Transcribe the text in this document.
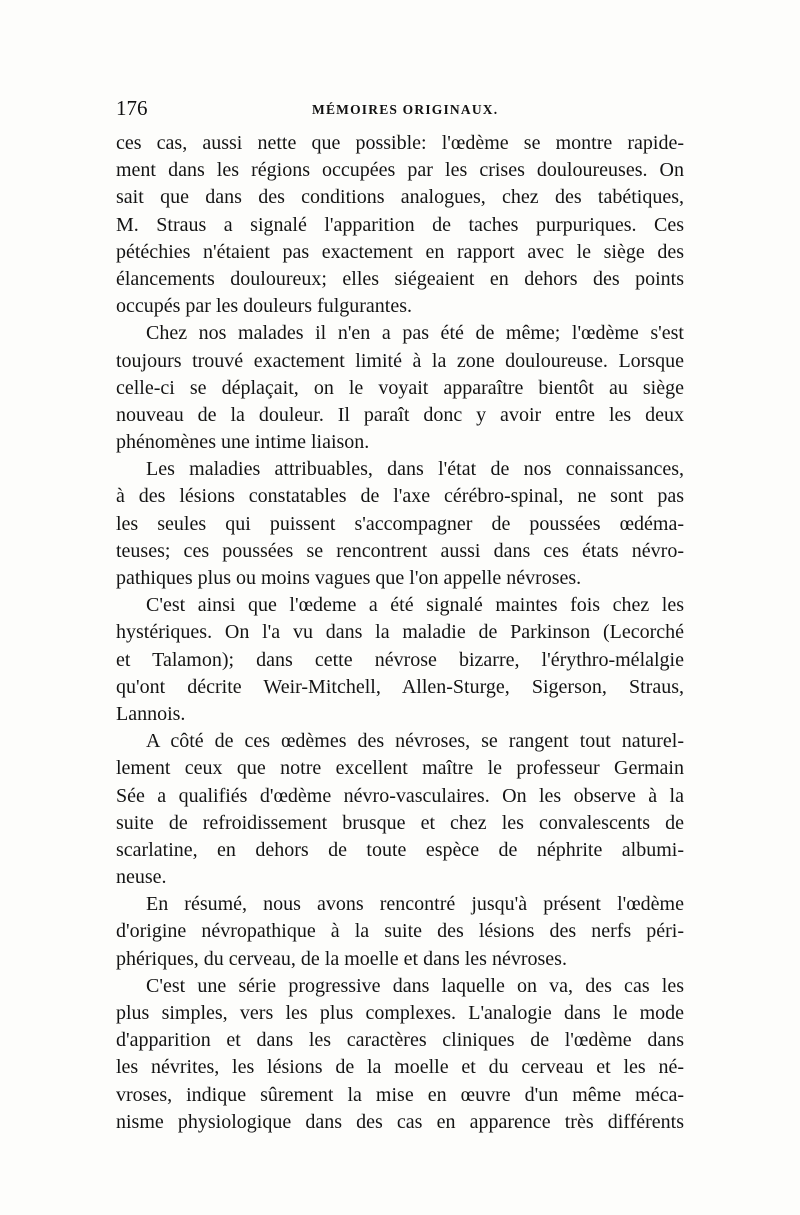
176	MÉMOIRES ORIGINAUX.
ces cas, aussi nette que possible: l'œdème se montre rapide-
ment dans les régions occupées par les crises douloureuses. On
sait que dans des conditions analogues, chez des tabétiques,
M. Straus a signalé l'apparition de taches purpuriques. Ces
pétéchies n'étaient pas exactement en rapport avec le siège des
élancements douloureux; elles siégeaient en dehors des points
occupés par les douleurs fulgurantes.
Chez nos malades il n'en a pas été de même; l'œdème s'est
toujours trouvé exactement limité à la zone douloureuse. Lorsque
celle-ci se déplaçait, on le voyait apparaître bientôt au siège
nouveau de la douleur. Il paraît donc y avoir entre les deux
phénomènes une intime liaison.
Les maladies attribuables, dans l'état de nos connaissances,
à des lésions constatables de l'axe cérébro-spinal, ne sont pas
les seules qui puissent s'accompagner de poussées œdéma-
teuses; ces poussées se rencontrent aussi dans ces états névro-
pathiques plus ou moins vagues que l'on appelle névroses.
C'est ainsi que l'œdeme a été signalé maintes fois chez les
hystériques. On l'a vu dans la maladie de Parkinson (Lecorché
et Talamon); dans cette névrose bizarre, l'érythro-mélalgie
qu'ont décrite Weir-Mitchell, Allen-Sturge, Sigerson, Straus,
Lannois.
A côté de ces œdèmes des névroses, se rangent tout naturel-
lement ceux que notre excellent maître le professeur Germain
Sée a qualifiés d'œdème névro-vasculaires. On les observe à la
suite de refroidissement brusque et chez les convalescents de
scarlatine, en dehors de toute espèce de néphrite albumi-
neuse.
En résumé, nous avons rencontré jusqu'à présent l'œdème
d'origine névropathique à la suite des lésions des nerfs péri-
phériques, du cerveau, de la moelle et dans les névroses.
C'est une série progressive dans laquelle on va, des cas les
plus simples, vers les plus complexes. L'analogie dans le mode
d'apparition et dans les caractères cliniques de l'œdème dans
les névrites, les lésions de la moelle et du cerveau et les né-
vroses, indique sûrement la mise en œuvre d'un même méca-
nisme physiologique dans des cas en apparence très différents
